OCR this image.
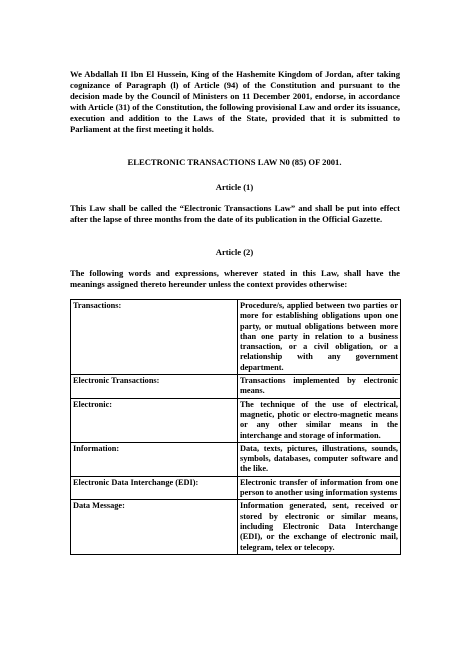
We Abdallah II Ibn El Hussein, King of the Hashemite Kingdom of Jordan, after taking cognizance of Paragraph (l) of Article (94) of the Constitution and pursuant to the decision made by the Council of Ministers on 11 December 2001, endorse, in accordance with Article (31) of the Constitution, the following provisional Law and order its issuance, execution and addition to the Laws of the State, provided that it is submitted to Parliament at the first meeting it holds.

ELECTRONIC TRANSACTIONS LAW N0 (85) OF 2001.

Article (1)

This Law shall be called the “Electronic Transactions Law” and shall be put into effect after the lapse of three months from the date of its publication in the Official Gazette.

Article (2)

The following words and expressions, wherever stated in this Law, shall have the meanings assigned thereto hereunder unless the context provides otherwise:

Transactions:	Procedure/s, applied between two parties or more for establishing obligations upon one party, or mutual obligations between more than one party in relation to a business transaction, or a civil obligation, or a relationship with any government department.
Electronic Transactions:	Transactions implemented by electronic means.
Electronic:	The technique of the use of electrical, magnetic, photic or electro-magnetic means or any other similar means in the interchange and storage of information.
Information:	Data, texts, pictures, illustrations, sounds, symbols, databases, computer software and the like.
Electronic Data Interchange (EDI):	Electronic transfer of information from one person to another using information systems
Data Message:	Information generated, sent, received or stored by electronic or similar means, including Electronic Data Interchange (EDI), or the exchange of electronic mail, telegram, telex or telecopy.
